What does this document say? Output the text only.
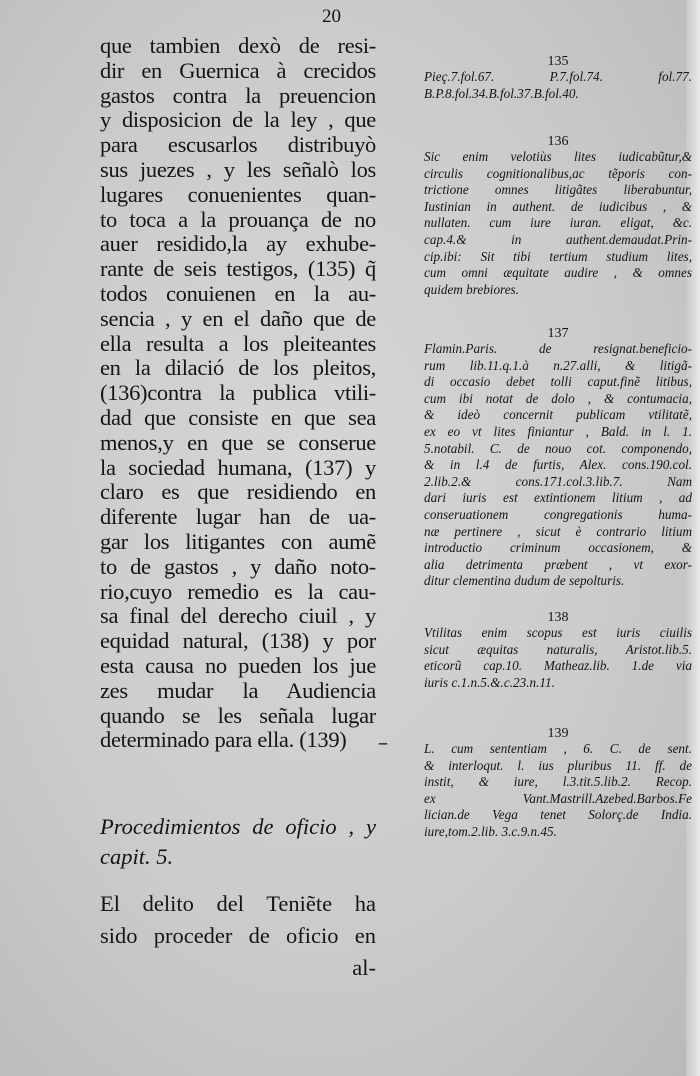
20
que tambien dexò de resi-
dir en Guernica à crecidos
gastos contra la preuencion
y disposicion de la ley , que
para escusarlos distribuyò
sus juezes , y les señalò los
lugares conuenientes quan-
to toca a la prouança de no
auer residido,la ay exhube-
rante de seis testigos, (135) q̃
todos conuienen en la au-
sencia , y en el daño que de
ella resulta a los pleiteantes
en la dilació de los pleitos,
(136)contra la publica vtili-
dad que consiste en que sea
menos,y en que se conserue
la sociedad humana, (137) y
claro es que residiendo en
diferente lugar han de ua-
gar los litigantes con aumẽ
to de gastos , y daño noto-
rio,cuyo remedio es la cau-
sa final del derecho ciuil , y
equidad natural, (138) y por
esta causa no pueden los jue
zes mudar la Audiencia
quando se les señala lugar
determinado para ella. (139)	–
Procedimientos de oficio , y
capit. 5.
El delito del Teniẽte ha
sido proceder de oficio en
al-
135
Pieç.7.fol.67. P.7.fol.74. fol.77.
B.P.8.fol.34.B.fol.37.B.fol.40.
136
Sic enim velotiùs lites iudicabũtur,&
circulis cognitionalibus,ac tẽporis con-
trictione omnes litigãtes liberabuntur,
Iustinian in authent. de iudicibus , &
nullaten. cum iure iuran. eligat, &c.
cap.4.& in authent.demaudat.Prin-
cip.ibi: Sit tibi tertium studium lites,
cum omni æquitate audire , & omnes
quidem brebiores.
137
Flamin.Paris. de resignat.beneficio-
rum lib.11.q.1.à n.27.alli, & litigã-
di occasio debet tolli caput.finẽ litibus,
cum ibi notat de dolo , & contumacia,
& ideò concernit publicam vtilitatẽ,
ex eo vt lites finiantur , Bald. in l. 1.
5.notabil. C. de nouo cot. componendo,
& in l.4 de furtis, Alex. cons.190.col.
2.lib.2.& cons.171.col.3.lib.7. Nam
dari iuris est extintionem litium , ad
conseruationem congregationis huma-
næ pertinere , sicut è contrario litium
introductio criminum occasionem, &
alia detrimenta præbent , vt exor-
ditur clementina dudum de sepolturis.
138
Vtilitas enim scopus est iuris ciuilis
sicut æquitas naturalis, Aristot.lib.5.
eticorũ cap.10. Matheaz.lib. 1.de via
iuris c.1.n.5.&.c.23.n.11.
139
L. cum sententiam , 6. C. de sent.
& interloqut. l. ius pluribus 11. ff. de
instit, & iure, l.3.tit.5.lib.2. Recop.
ex Vant.Mastrill.Azebed.Barbos.Fe
lician.de Vega tenet Solorç.de India.
iure,tom.2.lib. 3.c.9.n.45.
